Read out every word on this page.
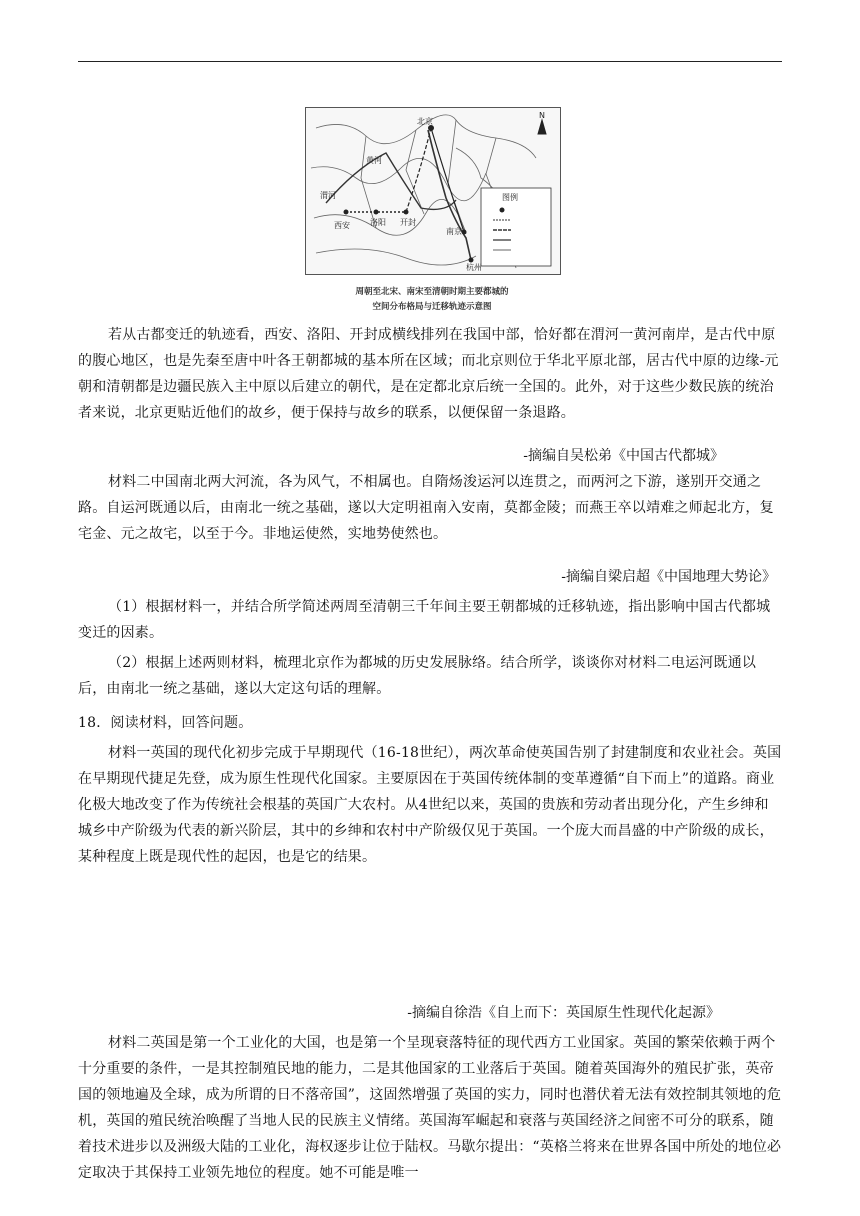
N
北京
西安	洛阳 开封
南京
杭州
黄河
渭河	图例
周朝至北宋、南宋至清朝时期主要都城的
空间分布格局与迁移轨迹示意图
若从古都变迁的轨迹看，西安、洛阳、开封成横线排列在我国中部，恰好都在渭河一黄河南岸，是古代中原的腹心地区，也是先秦至唐中叶各王朝都城的基本所在区域；而北京则位于华北平原北部，居古代中原的边缘-元朝和清朝都是边疆民族入主中原以后建立的朝代，是在定都北京后统一全国的。此外，对于这些少数民族的统治者来说，北京更贴近他们的故乡，便于保持与故乡的联系，以便保留一条退路。
-摘编自吴松弟《中国古代都城》
材料二中国南北两大河流，各为风气，不相属也。自隋炀浚运河以连贯之，而两河之下游，遂别开交通之路。自运河既通以后，由南北一统之基础，遂以大定明祖南入安南，莫都金陵；而燕王卒以靖难之师起北方，复宅金、元之故宅，以至于今。非地运使然，实地势使然也。
-摘编自梁启超《中国地理大势论》
（1）根据材料一，并结合所学简述两周至清朝三千年间主要王朝都城的迁移轨迹，指出影响中国古代都城变迁的因素。
（2）根据上述两则材料，梳理北京作为都城的历史发展脉络。结合所学，谈谈你对材料二电运河既通以后，由南北一统之基础，遂以大定这句话的理解。
18．阅读材料，回答问题。
材料一英国的现代化初步完成于早期现代（16-18世纪），两次革命使英国告别了封建制度和农业社会。英国在早期现代捷足先登，成为原生性现代化国家。主要原因在于英国传统体制的变革遵循“自下而上”的道路。商业化极大地改变了作为传统社会根基的英国广大农村。从4世纪以来，英国的贵族和劳动者出现分化，产生乡绅和城乡中产阶级为代表的新兴阶层，其中的乡绅和农村中产阶级仅见于英国。一个庞大而昌盛的中产阶级的成长，某种程度上既是现代性的起因，也是它的结果。
-摘编自徐浩《自上而下：英国原生性现代化起源》
材料二英国是第一个工业化的大国，也是第一个呈现衰落特征的现代西方工业国家。英国的繁荣依赖于两个十分重要的条件，一是其控制殖民地的能力，二是其他国家的工业落后于英国。随着英国海外的殖民扩张，英帝国的领地遍及全球，成为所谓的日不落帝国”，这固然增强了英国的实力，同时也潜伏着无法有效控制其领地的危机，英国的殖民统治唤醒了当地人民的民族主义情绪。英国海军崛起和衰落与英国经济之间密不可分的联系，随着技术进步以及洲级大陆的工业化，海权逐步让位于陆权。马歇尔提出：“英格兰将来在世界各国中所处的地位必定取决于其保持工业领先地位的程度。她不可能是唯一
